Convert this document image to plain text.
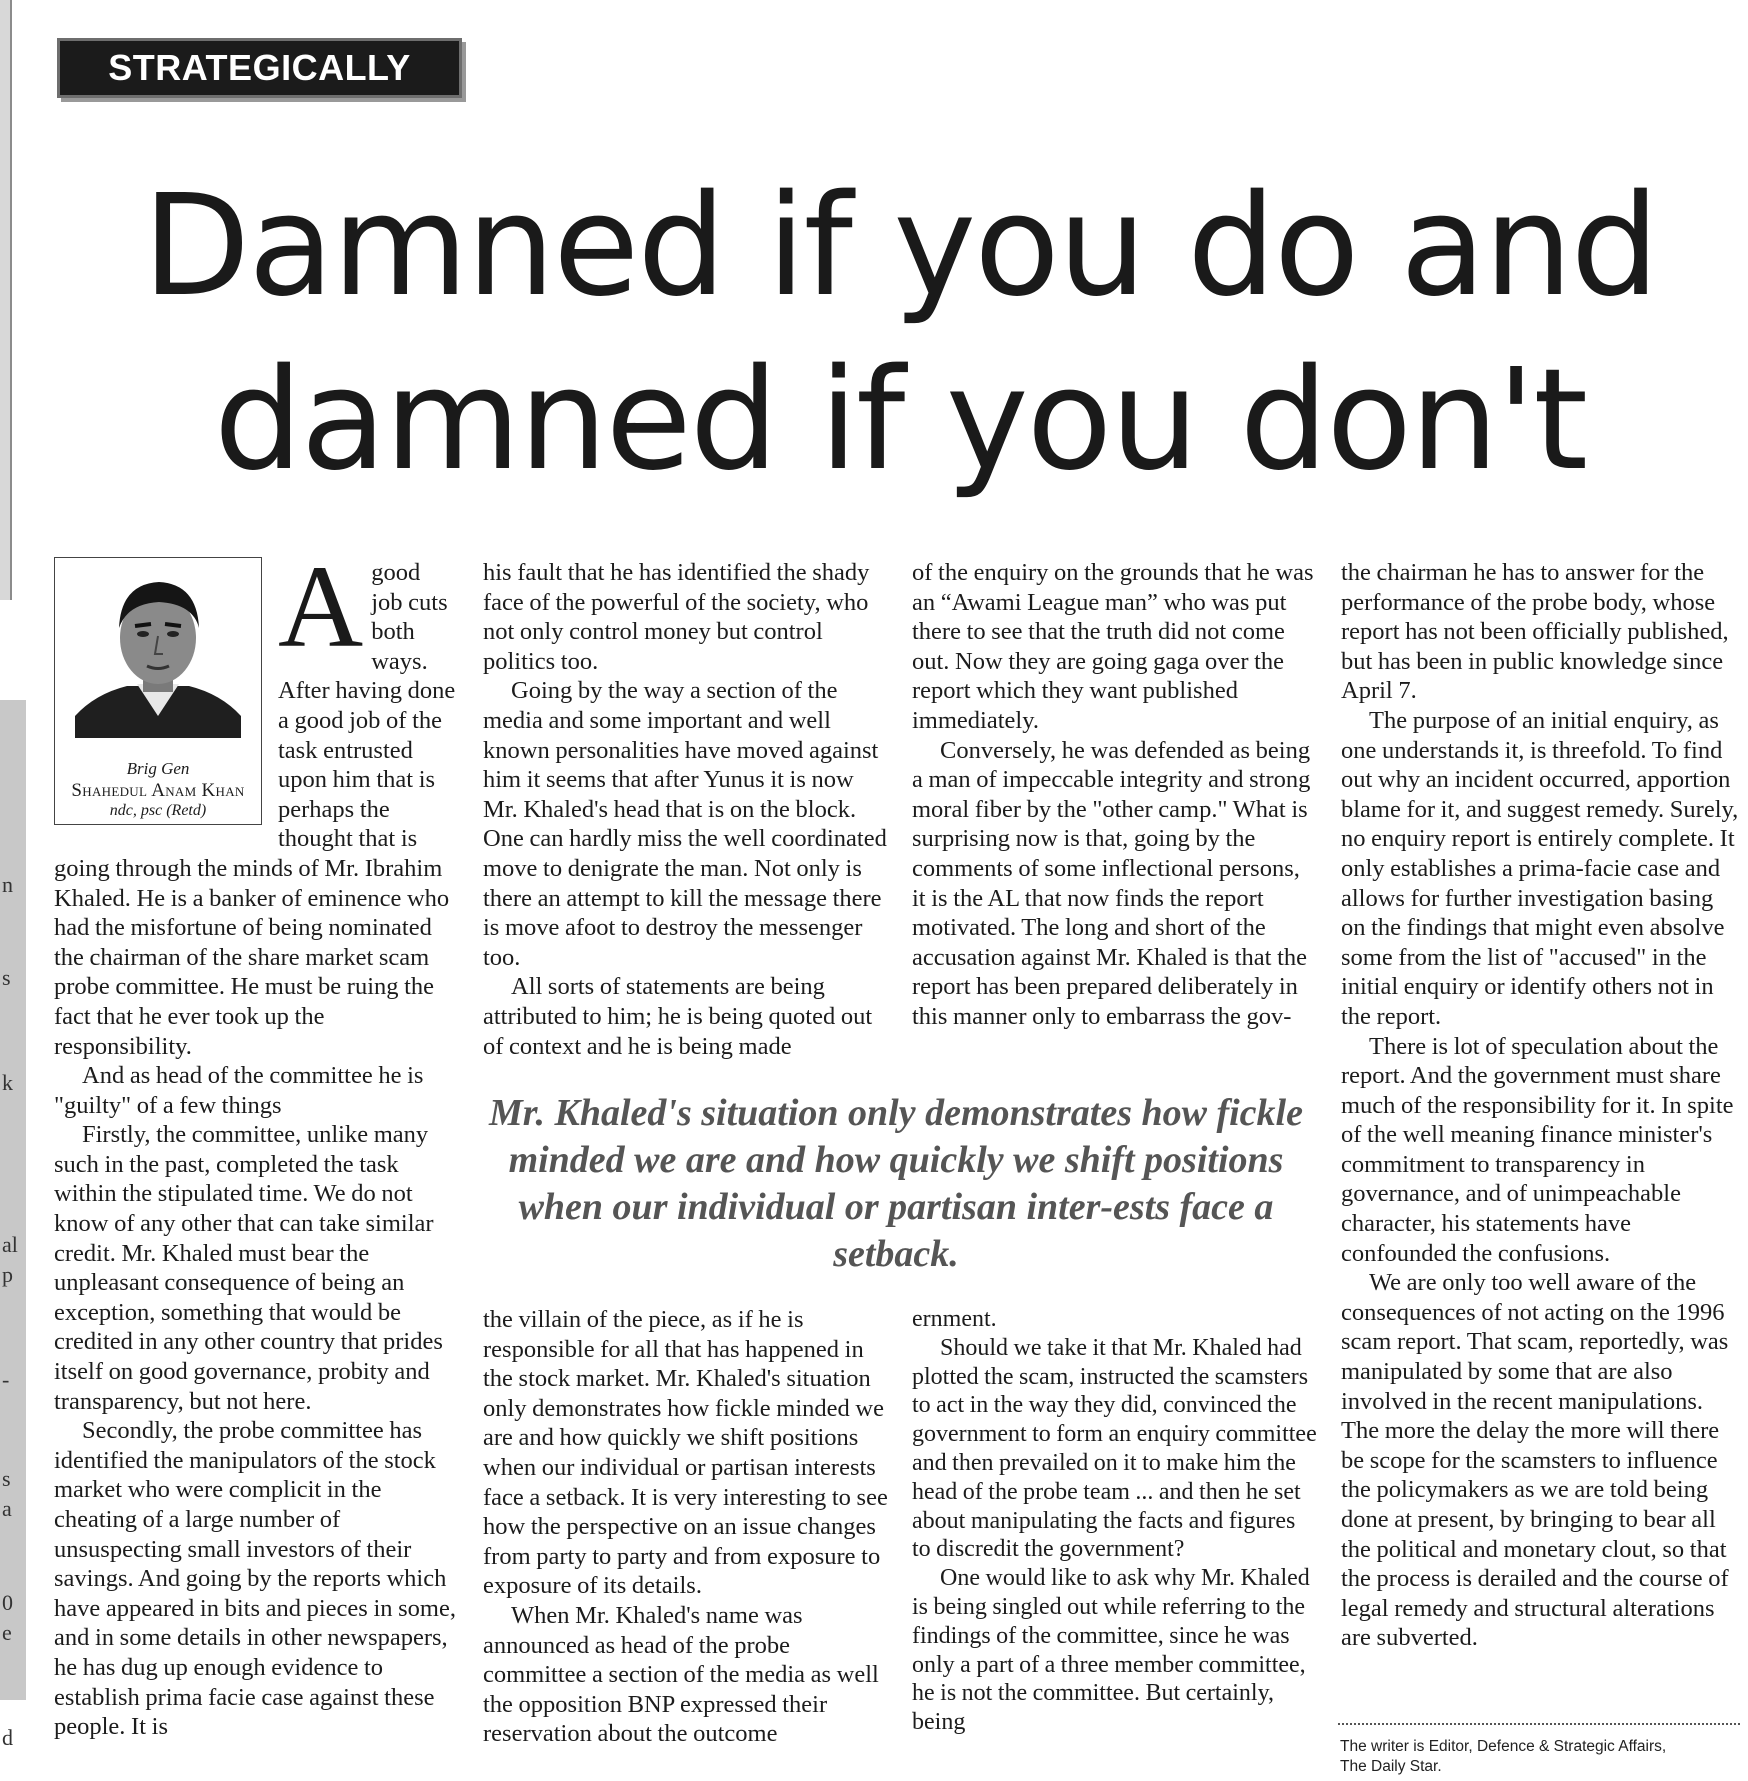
n
s
k
al
p
-
s
a
0
e
d
STRATEGICALLY SPEAKING
Damned if you do and
damned if you don't
Brig Gen
Shahedul Anam Khan
ndc, psc (Retd)

Agood job cuts both ways. After having done a good job of the task entrusted upon him that is perhaps the thought that is going through the minds of Mr. Ibrahim Khaled. He is a banker of eminence who had the misfortune of being nominated the chairman of the share market scam probe committee. He must be ruing the fact that he ever took up the responsibility.

And as head of the committee he is "guilty" of a few things

Firstly, the committee, unlike many such in the past, completed the task within the stipulated time. We do not know of any other that can take similar credit. Mr. Khaled must bear the unpleasant consequence of being an exception, something that would be credited in any other country that prides itself on good governance, probity and transparency, but not here.

Secondly, the probe committee has identified the manipulators of the stock market who were complicit in the cheating of a large number of unsuspecting small investors of their savings. And going by the reports which have appeared in bits and pieces in some, and in some details in other newspapers, he has dug up enough evidence to establish prima facie case against these people. It is

his fault that he has identified the shady face of the powerful of the society, who not only control money but control politics too.

Going by the way a section of the media and some important and well known personalities have moved against him it seems that after Yunus it is now Mr. Khaled's head that is on the block. One can hardly miss the well coordinated move to denigrate the man. Not only is there an attempt to kill the message there is move afoot to destroy the messenger too.

All sorts of statements are being attributed to him; he is being quoted out of context and he is being made

of the enquiry on the grounds that he was an “Awami League man” who was put there to see that the truth did not come out. Now they are going gaga over the report which they want published immediately.

Conversely, he was defended as being a man of impeccable integrity and strong moral fiber by the "other camp." What is surprising now is that, going by the comments of some inflectional persons, it is the AL that now finds the report motivated. The long and short of the accusation against Mr. Khaled is that the report has been prepared deliberately in this manner only to embarrass the gov-

Mr. Khaled's situation only demonstrates how fickle minded we are and how quickly we shift positions when our individual or partisan inter-ests face a setback.

the villain of the piece, as if he is responsible for all that has happened in the stock market. Mr. Khaled's situation only demonstrates how fickle minded we are and how quickly we shift positions when our individual or partisan interests face a setback. It is very interesting to see how the perspective on an issue changes from party to party and from exposure to exposure of its details.

When Mr. Khaled's name was announced as head of the probe committee a section of the media as well the opposition BNP expressed their reservation about the outcome

ernment.

Should we take it that Mr. Khaled had plotted the scam, instructed the scamsters to act in the way they did, convinced the government to form an enquiry committee and then prevailed on it to make him the head of the probe team ... and then he set about manipulating the facts and figures to discredit the government?

One would like to ask why Mr. Khaled is being singled out while referring to the findings of the committee, since he was only a part of a three member committee, he is not the committee. But certainly, being

the chairman he has to answer for the performance of the probe body, whose report has not been officially published, but has been in public knowledge since April 7.

The purpose of an initial enquiry, as one understands it, is threefold. To find out why an incident occurred, apportion blame for it, and suggest remedy. Surely, no enquiry report is entirely complete. It only establishes a prima-facie case and allows for further investigation basing on the findings that might even absolve some from the list of "accused" in the initial enquiry or identify others not in the report.

There is lot of speculation about the report. And the government must share much of the responsibility for it. In spite of the well meaning finance minister's commitment to transparency in governance, and of unimpeachable character, his statements have confounded the confusions.

We are only too well aware of the consequences of not acting on the 1996 scam report. That scam, reportedly, was manipulated by some that are also involved in the recent manipulations. The more the delay the more will there be scope for the scamsters to influence the policymakers as we are told being done at present, by bringing to bear all the political and monetary clout, so that the process is derailed and the course of legal remedy and structural alterations are subverted.

The writer is Editor, Defence & Strategic Affairs,
The Daily Star.
